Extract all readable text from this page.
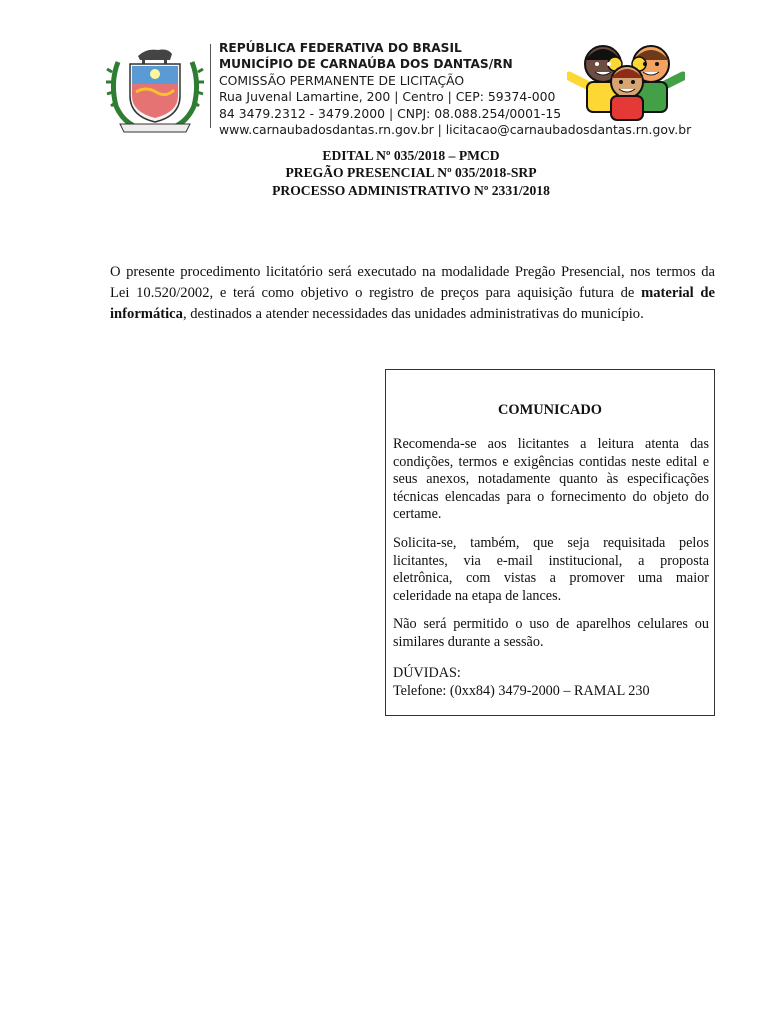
REPÚBLICA FEDERATIVA DO BRASIL
MUNICÍPIO DE CARNAÚBA DOS DANTAS/RN
COMISSÃO PERMANENTE DE LICITAÇÃO
Rua Juvenal Lamartine, 200 | Centro | CEP: 59374-000
84 3479.2312 - 3479.2000 | CNPJ: 08.088.254/0001-15
www.carnaubadosdantas.rn.gov.br | licitacao@carnaubadosdantas.rn.gov.br
EDITAL Nº 035/2018 – PMCD
PREGÃO PRESENCIAL Nº 035/2018-SRP
PROCESSO ADMINISTRATIVO Nº 2331/2018

O presente procedimento licitatório será executado na modalidade Pregão Presencial, nos termos da Lei 10.520/2002, e terá como objetivo o registro de preços para aquisição futura de material de informática, destinados a atender necessidades das unidades administrativas do município.

COMUNICADO

Recomenda-se aos licitantes a leitura atenta das condições, termos e exigências contidas neste edital e seus anexos, notadamente quanto às especificações técnicas elencadas para o fornecimento do objeto do certame.

Solicita-se, também, que seja requisitada pelos licitantes, via e-mail institucional, a proposta eletrônica, com vistas a promover uma maior celeridade na etapa de lances.

Não será permitido o uso de aparelhos celulares ou similares durante a sessão.

DÚVIDAS:
Telefone: (0xx84) 3479-2000 – RAMAL 230
